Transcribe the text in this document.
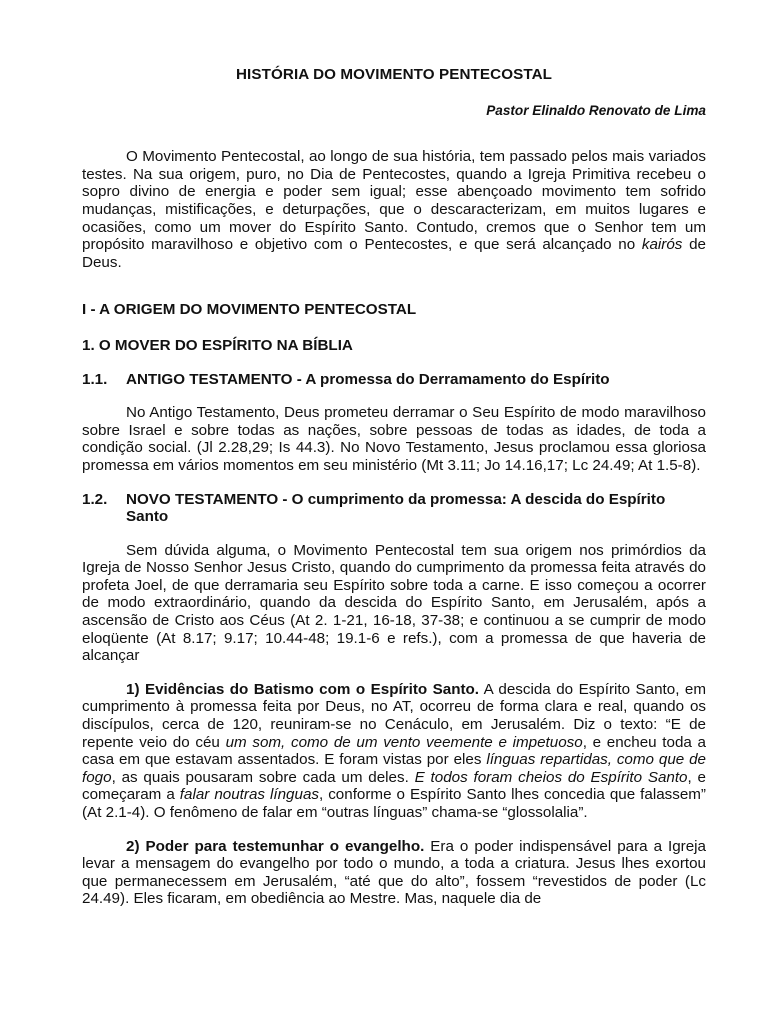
HISTÓRIA DO MOVIMENTO PENTECOSTAL
Pastor Elinaldo Renovato de Lima

O Movimento Pentecostal, ao longo de sua história, tem passado pelos mais variados testes. Na sua origem, puro, no Dia de Pentecostes, quando a Igreja Primitiva recebeu o sopro divino de energia e poder sem igual; esse abençoado movimento tem sofrido mudanças, mistificações, e deturpações, que o descaracterizam, em muitos lugares e ocasiões, como um mover do Espírito Santo. Contudo, cremos que o Senhor tem um propósito maravilhoso e objetivo com o Pentecostes, e que será alcançado no kairós de Deus.

I - A ORIGEM DO MOVIMENTO PENTECOSTAL
1. O MOVER DO ESPÍRITO NA BÍBLIA
1.1.	ANTIGO TESTAMENTO - A promessa do Derramamento do Espírito

No Antigo Testamento, Deus prometeu derramar o Seu Espírito de modo maravilhoso sobre Israel e sobre todas as nações, sobre pessoas de todas as idades, de toda a condição social. (Jl 2.28,29; Is 44.3). No Novo Testamento, Jesus proclamou essa gloriosa promessa em vários momentos em seu ministério (Mt 3.11; Jo 14.16,17; Lc 24.49; At 1.5-8).

1.2.	NOVO TESTAMENTO - O cumprimento da promessa: A descida do Espírito Santo

Sem dúvida alguma, o Movimento Pentecostal tem sua origem nos primórdios da Igreja de Nosso Senhor Jesus Cristo, quando do cumprimento da promessa feita através do profeta Joel, de que derramaria seu Espírito sobre toda a carne. E isso começou a ocorrer de modo extraordinário, quando da descida do Espírito Santo, em Jerusalém, após a ascensão de Cristo aos Céus (At 2. 1-21, 16-18, 37-38; e continuou a se cumprir de modo eloqüente (At 8.17; 9.17; 10.44-48; 19.1-6 e refs.), com a promessa de que haveria de alcançar

1) Evidências do Batismo com o Espírito Santo. A descida do Espírito Santo, em cumprimento à promessa feita por Deus, no AT, ocorreu de forma clara e real, quando os discípulos, cerca de 120, reuniram-se no Cenáculo, em Jerusalém. Diz o texto: “E de repente veio do céu um som, como de um vento veemente e impetuoso, e encheu toda a casa em que estavam assentados. E foram vistas por eles línguas repartidas, como que de fogo, as quais pousaram sobre cada um deles. E todos foram cheios do Espírito Santo, e começaram a falar noutras línguas, conforme o Espírito Santo lhes concedia que falassem” (At 2.1-4). O fenômeno de falar em “outras línguas” chama-se “glossolalia”.

2) Poder para testemunhar o evangelho. Era o poder indispensável para a Igreja levar a mensagem do evangelho por todo o mundo, a toda a criatura. Jesus lhes exortou que permanecessem em Jerusalém, “até que do alto”, fossem “revestidos de poder (Lc 24.49). Eles ficaram, em obediência ao Mestre. Mas, naquele dia de
